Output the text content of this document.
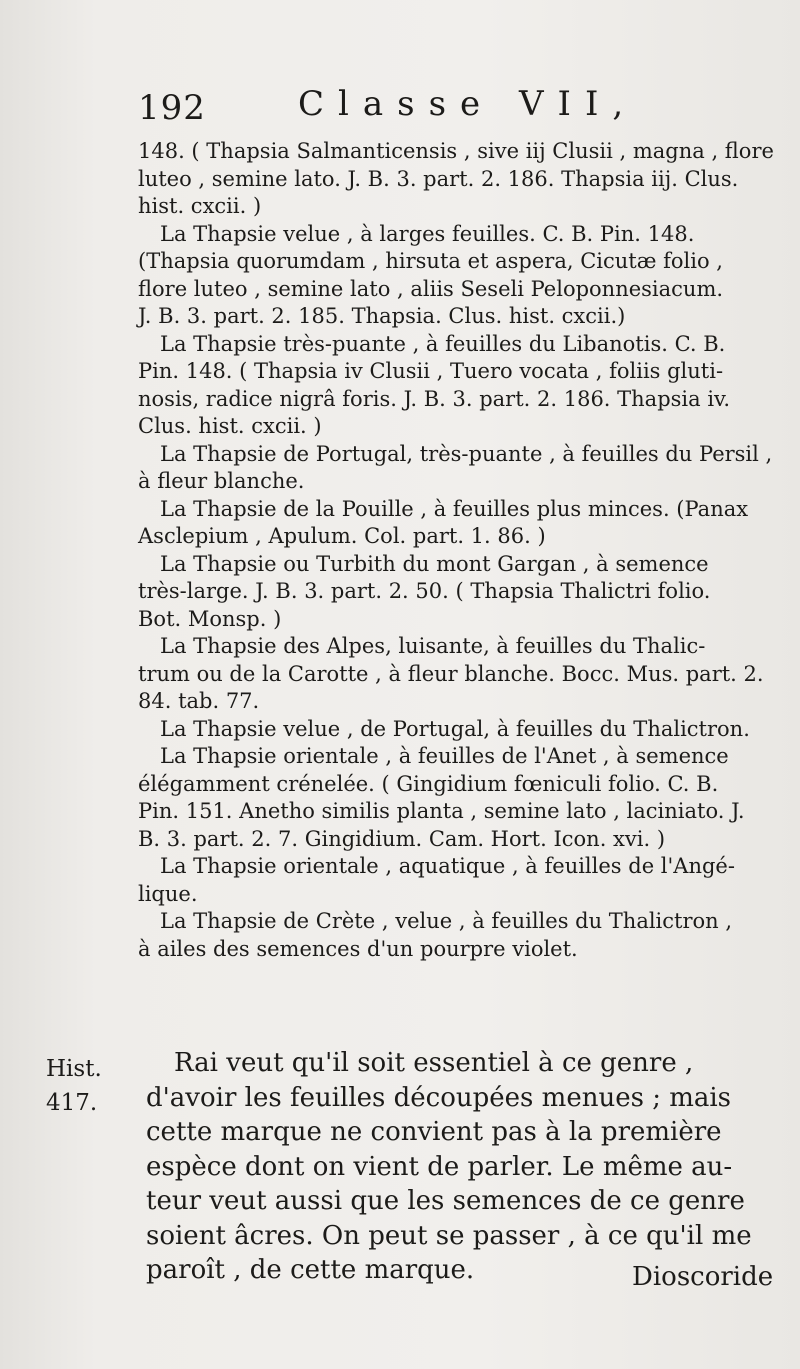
192	Classe VII,
148. ( Thapsia Salmanticensis , sive iij Clusii , magna , flore
luteo , semine lato. J. B. 3. part. 2. 186. Thapsia iij. Clus.
hist. cxcii. )
La Thapsie velue , à larges feuilles. C. B. Pin. 148.
(Thapsia quorumdam , hirsuta et aspera, Cicutæ folio ,
flore luteo , semine lato , aliis Seseli Peloponnesiacum.
J. B. 3. part. 2. 185. Thapsia. Clus. hist. cxcii.)
La Thapsie très-puante , à feuilles du Libanotis. C. B.
Pin. 148. ( Thapsia iv Clusii , Tuero vocata , foliis gluti-
nosis, radice nigrâ foris. J. B. 3. part. 2. 186. Thapsia iv.
Clus. hist. cxcii. )
La Thapsie de Portugal, très-puante , à feuilles du Persil ,
à fleur blanche.
La Thapsie de la Pouille , à feuilles plus minces. (Panax
Asclepium , Apulum. Col. part. 1. 86. )
La Thapsie ou Turbith du mont Gargan , à semence
très-large. J. B. 3. part. 2. 50. ( Thapsia Thalictri folio.
Bot. Monsp. )
La Thapsie des Alpes, luisante, à feuilles du Thalic-
trum ou de la Carotte , à fleur blanche. Bocc. Mus. part. 2.
84. tab. 77.
La Thapsie velue , de Portugal, à feuilles du Thalictron.
La Thapsie orientale , à feuilles de l'Anet , à semence
élégamment crénelée. ( Gingidium fœniculi folio. C. B.
Pin. 151. Anetho similis planta , semine lato , laciniato. J.
B. 3. part. 2. 7. Gingidium. Cam. Hort. Icon. xvi. )
La Thapsie orientale , aquatique , à feuilles de l'Angé-
lique.
La Thapsie de Crète , velue , à feuilles du Thalictron ,
à ailes des semences d'un pourpre violet.
Hist.
417.
Rai veut qu'il soit essentiel à ce genre ,
d'avoir les feuilles découpées menues ; mais
cette marque ne convient pas à la première
espèce dont on vient de parler. Le même au-
teur veut aussi que les semences de ce genre
soient âcres. On peut se passer , à ce qu'il me
paroît , de cette marque.	Dioscoride
